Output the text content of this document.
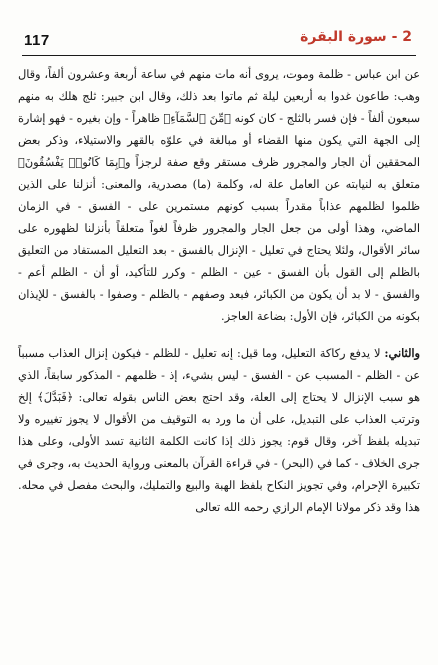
117	2 - سورة البقرة

عن ابن عباس - ظلمة وموت، يروى أنه مات منهم في ساعة أربعة وعشرون ألفاً، وقال وهب: طاعون غدوا به أربعين ليلة ثم ماتوا بعد ذلك، وقال ابن جبير: ثلج هلك به منهم سبعون ألفاً - فإن فسر بالثلج - كان كونه ﴿مِّنَ ٱلسَّمَآءِ﴾ ظاهراً - وإن بغيره - فهو إشارة إلى الجهة التي يكون منها القضاء أو مبالغة في علوّه بالقهر والاستيلاء، وذكر بعض المحققين أن الجار والمجرور ظرف مستقر وقع صفة لرجزاً و﴿بِمَا كَانُوا۟ يَفْسُقُونَ﴾ متعلق به لنيابته عن العامل علة له، وكلمة (ما) مصدرية، والمعنى: أنزلنا على الذين ظلموا لظلمهم عذاباً مقدراً بسبب كونهم مستمرين على - الفسق - في الزمان الماضي، وهذا أولى من جعل الجار والمجرور ظرفاً لغواً متعلقاً بأنزلنا لظهوره على سائر الأقوال، ولئلا يحتاج في تعليل - الإنزال بالفسق - بعد التعليل المستفاد من التعليق بالظلم إلى القول بأن الفسق - عين - الظلم - وكرر للتأكيد، أو أن - الظلم أعم - والفسق - لا بد أن يكون من الكبائر، فبعد وصفهم - بالظلم - وصفوا - بالفسق - للإيذان بكونه من الكبائر، فإن الأول: بضاعة العاجز.

والثاني: لا يدفع ركاكة التعليل، وما قيل: إنه تعليل - للظلم - فيكون إنزال العذاب مسبباً عن - الظلم - المسبب عن - الفسق - ليس بشيء، إذ - ظلمهم - المذكور سابقاً، الذي هو سبب الإنزال لا يحتاج إلى العلة، وقد احتج بعض الناس بقوله تعالى: ﴿فَبَدَّلَ﴾ إلخ وترتب العذاب على التبديل، على أن ما ورد به التوقيف من الأقوال لا يجوز تغييره ولا تبديله بلفظ آخر، وقال قوم: يجوز ذلك إذا كانت الكلمة الثانية تسد الأولى، وعلى هذا جرى الخلاف - كما في (البحر) - في قراءة القرآن بالمعنى ورواية الحديث به، وجرى في تكبيرة الإحرام، وفي تجويز النكاح بلفظ الهبة والبيع والتمليك، والبحث مفصل في محله. هذا وقد ذكر مولانا الإمام الرازي رحمه الله تعالى
